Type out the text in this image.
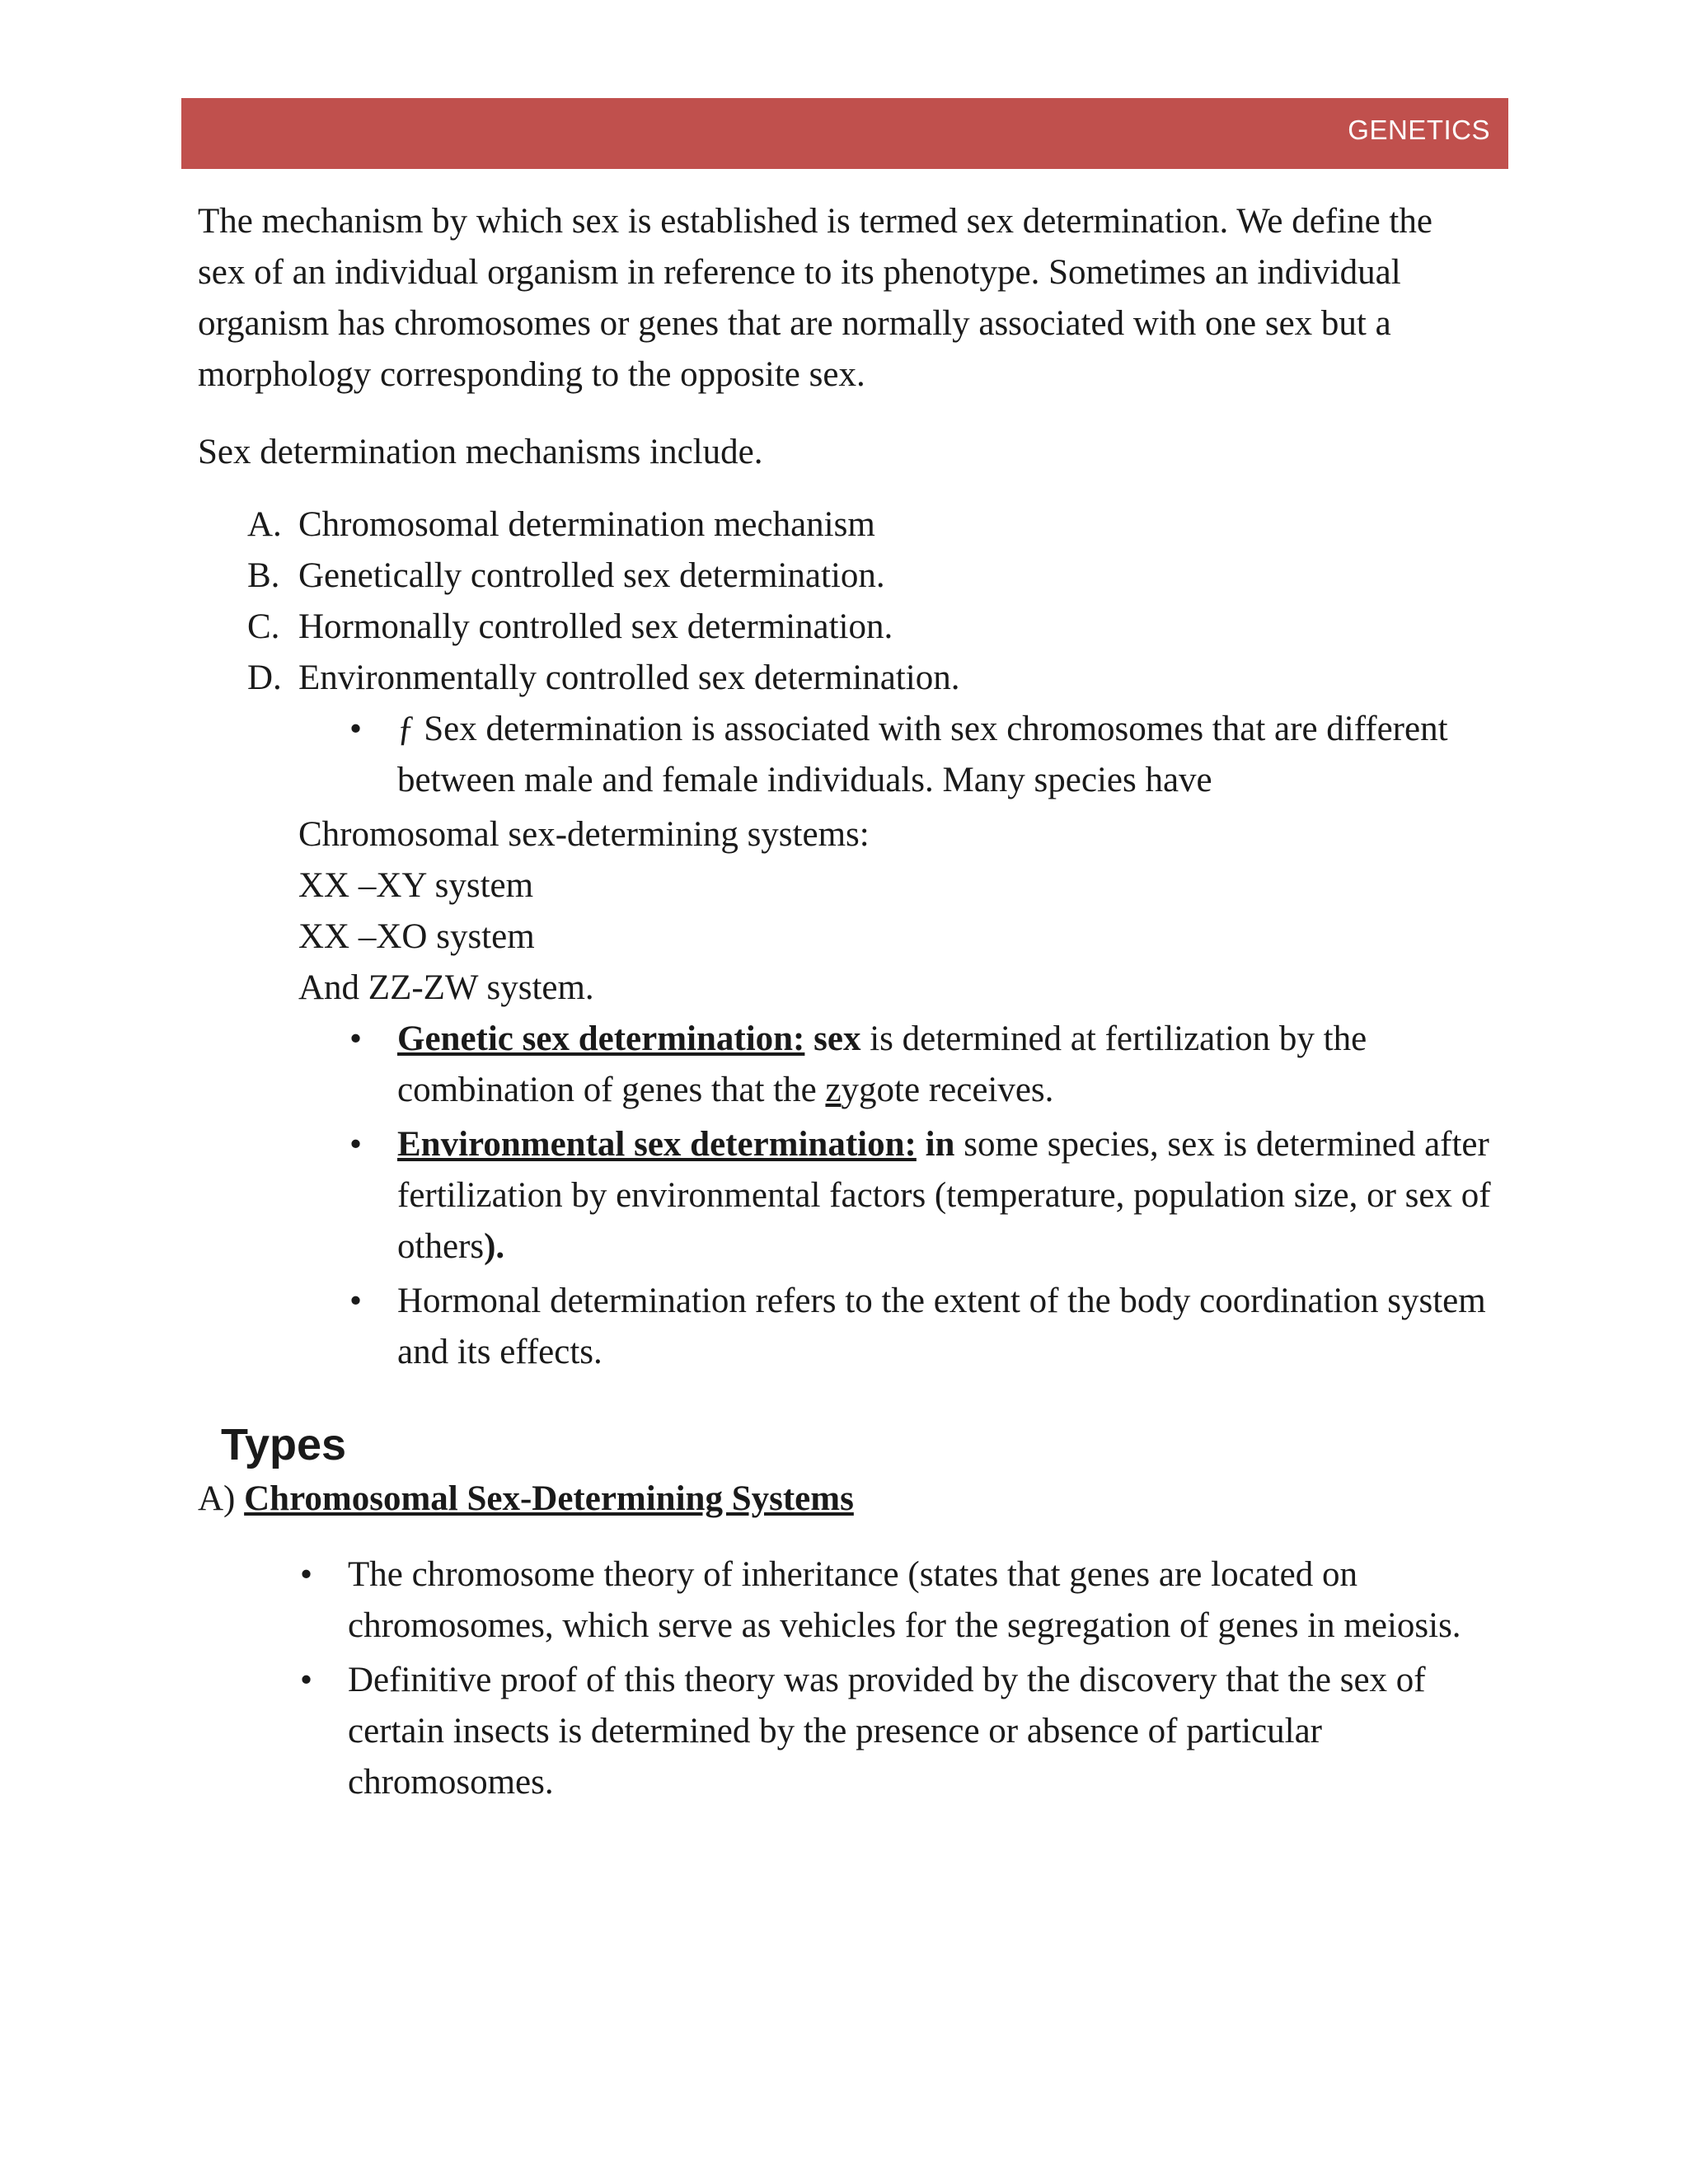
GENETICS

The mechanism by which sex is established is termed sex determination. We define the sex of an individual organism in reference to its phenotype. Sometimes an individual organism has chromosomes or genes that are normally associated with one sex but a morphology corresponding to the opposite sex.

Sex determination mechanisms include.

A. Chromosomal determination mechanism
B. Genetically controlled sex determination.
C. Hormonally controlled sex determination.
D. Environmentally controlled sex determination.
• ƒ Sex determination is associated with sex chromosomes that are different between male and female individuals. Many species have

Chromosomal sex-determining systems:

XX –XY system

XX –XO system

And ZZ-ZW system.

• Genetic sex determination: sex is determined at fertilization by the combination of genes that the zygote receives.
• Environmental sex determination: in some species, sex is determined after fertilization by environmental factors (temperature, population size, or sex of others).
• Hormonal determination refers to the extent of the body coordination system and its effects.
Types

A) Chromosomal Sex-Determining Systems

• The chromosome theory of inheritance (states that genes are located on chromosomes, which serve as vehicles for the segregation of genes in meiosis.
• Definitive proof of this theory was provided by the discovery that the sex of certain insects is determined by the presence or absence of particular chromosomes.
